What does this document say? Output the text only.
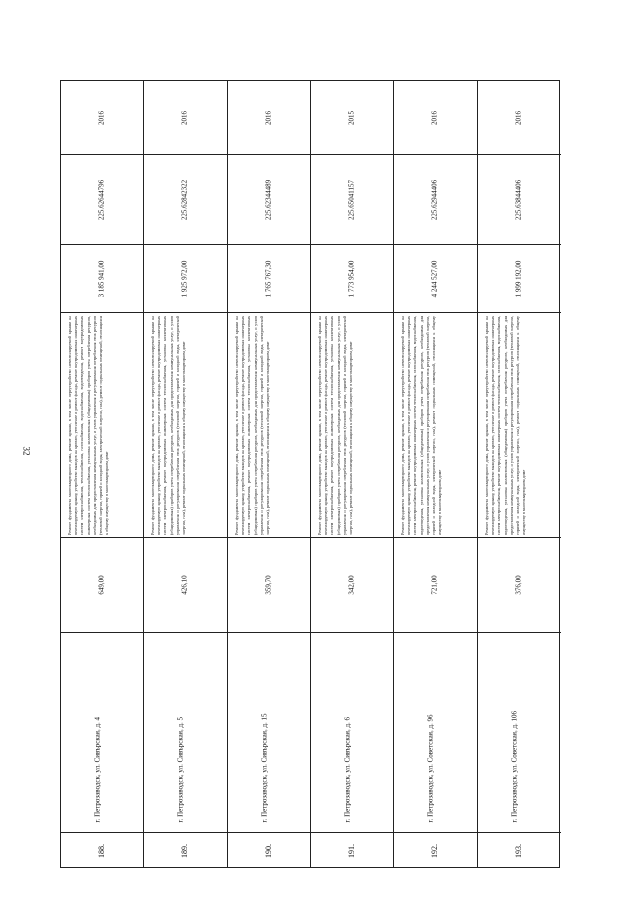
32
2016
225.62644796
3 185 941,00
Ремонт фундамента многоквартирного дома, ремонт крыши, в том числе переустройство невентилируемой крыши на вентилируемую крышу, устройство выходов на кровлю, утепление и ремонт фасада, ремонт внутридомовых инженерных систем электроснабжения, теплоснабжения, газоснабжения, водоснабжения, водоотведения, ремонт внутридомовых инженерных систем теплоснабжения, установка коллективных (общедомовых) приборов учета потребления ресурсов, необходимых для предоставления коммунальных услуг, и узлов управления и регулирования потребления этих ресурсов (тепловой энергии, горячей и холодной воды, электрической энергии, газа), ремонт подвальных помещений, относящихся к общему имуществу в многоквартирном доме
649,00
г. Петрозаводск, ул. Сивърская, д. 4
188.
2016
225.62842322
1 925 972,00
Ремонт фундамента многоквартирного дома, ремонт крыши, в том числе переустройство невентилируемой крыши на вентилируемую крышу, устройство выходов на кровлю, утепление и ремонт фасада, ремонт внутридомовых инженерных систем электроснабжения, ремонт внутридомовых инженерных систем теплоснабжения, установка коллективных (общедомовых) приборов учета потребления ресурсов, необходимых для предоставления коммунальных услуг, и узлов управления и регулирования потребления этих ресурсов (тепловой энергии, горячей и холодной воды, электрической энергии, газа), ремонт подвальных помещений, относящихся к общему имуществу в многоквартирном доме
426,10
г. Петрозаводск, ул. Сивърская, д. 5
189.
2016
225.62344489
1 765 767,30
Ремонт фундамента многоквартирного дома, ремонт крыши, в том числе переустройство невентилируемой крыши на вентилируемую крышу, устройство выходов на кровлю, утепление и ремонт фасада, ремонт внутридомовых инженерных систем электроснабжения, ремонт внутридомовых инженерных систем теплоснабжения, установка коллективных (общедомовых) приборов учета потребления ресурсов, необходимых для предоставления коммунальных услуг, и узлов управления и регулирования потребления этих ресурсов (тепловой энергии, горячей и холодной воды, электрической энергии, газа), ремонт подвальных помещений, относящихся к общему имуществу в многоквартирном доме
359,70
г. Петрозаводск, ул. Сивърская, д. 15
190.
2015
225.65041157
1 773 954,00
Ремонт фундамента многоквартирного дома, ремонт крыши, в том числе переустройство невентилируемой крыши на вентилируемую крышу, устройство выходов на кровлю, утепление и ремонт фасада, ремонт внутридомовых инженерных систем электроснабжения, ремонт внутридомовых инженерных систем теплоснабжения, установка коллективных (общедомовых) приборов учета потребления ресурсов, необходимых для предоставления коммунальных услуг, и узлов управления и регулирования потребления этих ресурсов (тепловой энергии, горячей и холодной воды, электрической энергии, газа), ремонт подвальных помещений, относящихся к общему имуществу в многоквартирном доме
342,00
г. Петрозаводск, ул. Сивърская, д. 6
191.
2016
225.62944406
4 244 527,00
Ремонт фундамента многоквартирного дома, ремонт крыши, в том числе переустройство невентилируемой крыши на вентилируемую крышу, устройство выходов на кровлю, утепление и ремонт фасада, ремонт внутридомовых инженерных систем электроснабжения, ремонт внутридомовых инженерных систем теплоснабжения, газоснабжения, водоснабжения, водоотведения, установка коллективных (общедомовых) приборов учета потребления ресурсов, необходимых для предоставления коммунальных услуг, и узлов управления и регулирования потребления этих ресурсов (тепловой энергии, горячей и холодной воды, электрической энергии, газа), ремонт подвальных помещений, относящихся к общему имуществу в многоквартирном доме
721,00
г. Петрозаводск, ул. Советская, д. 96
192.
2016
225.63844406
1 999 192,00
Ремонт фундамента многоквартирного дома, ремонт крыши, в том числе переустройство невентилируемой крыши на вентилируемую крышу, устройство выходов на кровлю, утепление и ремонт фасада, ремонт внутридомовых инженерных систем электроснабжения, ремонт внутридомовых инженерных систем теплоснабжения, газоснабжения, водоснабжения, водоотведения, установка коллективных (общедомовых) приборов учета потребления ресурсов, необходимых для предоставления коммунальных услуг, и узлов управления и регулирования потребления этих ресурсов (тепловой энергии, горячей и холодной воды, электрической энергии, газа), ремонт подвальных помещений, относящихся к общему имуществу в многоквартирном доме
376,00
г. Петрозаводск, ул. Советская, д. 106
193.
